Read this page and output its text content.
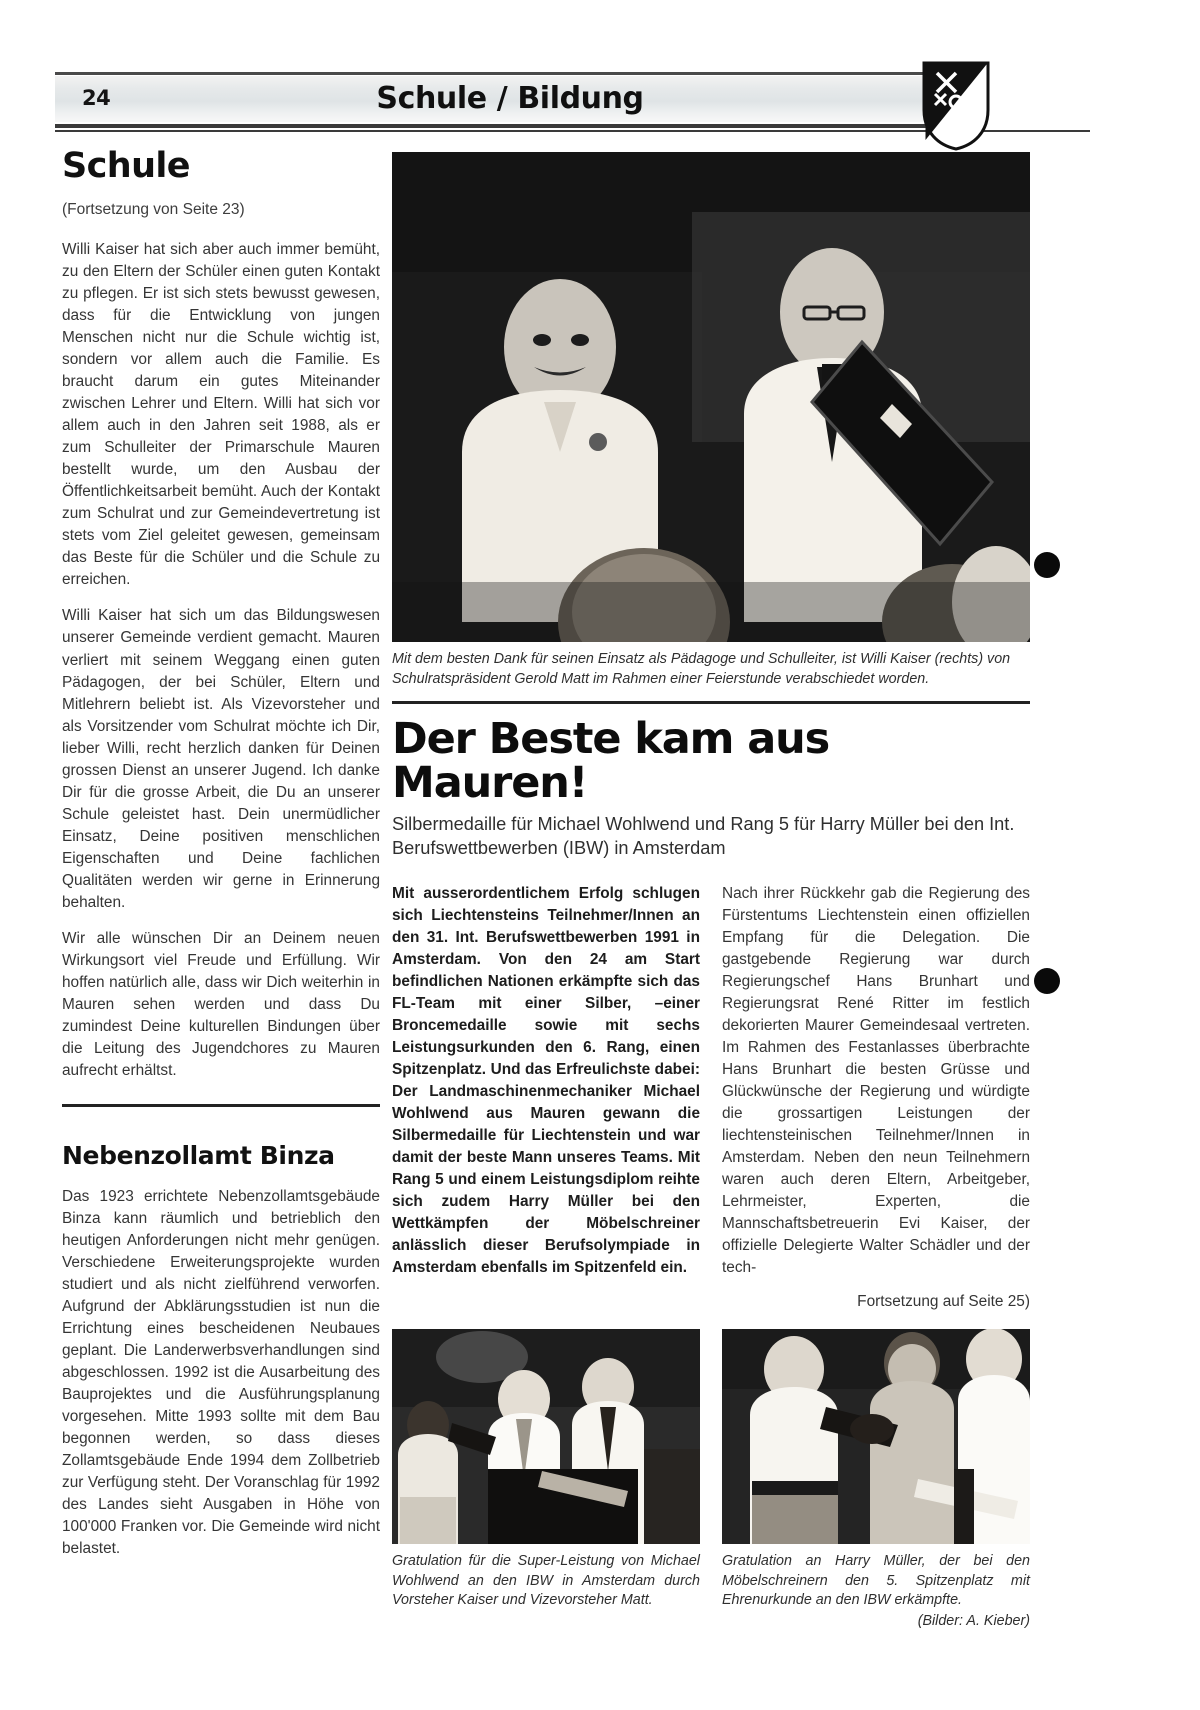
24	Schule / Bildung
Schule
(Fortsetzung von Seite 23)

Willi Kaiser hat sich aber auch immer bemüht, zu den Eltern der Schüler einen guten Kontakt zu pflegen. Er ist sich stets bewusst gewesen, dass für die Entwicklung von jungen Menschen nicht nur die Schule wichtig ist, sondern vor allem auch die Familie. Es braucht darum ein gutes Miteinander zwischen Lehrer und Eltern. Willi hat sich vor allem auch in den Jahren seit 1988, als er zum Schulleiter der Primarschule Mauren bestellt wurde, um den Ausbau der Öffentlichkeitsarbeit bemüht. Auch der Kontakt zum Schulrat und zur Gemeindevertretung ist stets vom Ziel geleitet gewesen, gemeinsam das Beste für die Schüler und die Schule zu erreichen.

Willi Kaiser hat sich um das Bildungswesen unserer Gemeinde verdient gemacht. Mauren verliert mit seinem Weggang einen guten Pädagogen, der bei Schüler, Eltern und Mitlehrern beliebt ist. Als Vizevorsteher und als Vorsitzender vom Schulrat möchte ich Dir, lieber Willi, recht herzlich danken für Deinen grossen Dienst an unserer Jugend. Ich danke Dir für die grosse Arbeit, die Du an unserer Schule geleistet hast. Dein unermüdlicher Einsatz, Deine positiven menschlichen Eigenschaften und Deine fachlichen Qualitäten werden wir gerne in Erinnerung behalten.

Wir alle wünschen Dir an Deinem neuen Wirkungsort viel Freude und Erfüllung. Wir hoffen natürlich alle, dass wir Dich weiterhin in Mauren sehen werden und dass Du zumindest Deine kulturellen Bindungen über die Leitung des Jugendchores zu Mauren aufrecht erhältst.

Nebenzollamt Binza

Das 1923 errichtete Nebenzollamtsgebäude Binza kann räumlich und betrieblich den heutigen Anforderungen nicht mehr genügen. Verschiedene Erweiterungsprojekte wurden studiert und als nicht zielführend verworfen. Aufgrund der Abklärungsstudien ist nun die Errichtung eines bescheidenen Neubaues geplant. Die Landerwerbsverhandlungen sind abgeschlossen. 1992 ist die Ausarbeitung des Bauprojektes und die Ausführungsplanung vorgesehen. Mitte 1993 sollte mit dem Bau begonnen werden, so dass dieses Zollamtsgebäude Ende 1994 dem Zollbetrieb zur Verfügung steht. Der Voranschlag für 1992 des Landes sieht Ausgaben in Höhe von 100'000 Franken vor. Die Gemeinde wird nicht belastet.

Mit dem besten Dank für seinen Einsatz als Pädagoge und Schulleiter, ist Willi Kaiser (rechts) von Schulratspräsident Gerold Matt im Rahmen einer Feierstunde verabschiedet worden.

Der Beste kam aus Mauren!
Silbermedaille für Michael Wohlwend und Rang 5 für Harry Müller bei den Int. Berufswettbewerben (IBW) in Amsterdam

Mit ausserordentlichem Erfolg schlugen sich Liechtensteins Teilnehmer/Innen an den 31. Int. Berufswettbewerben 1991 in Amsterdam. Von den 24 am Start befindlichen Nationen erkämpfte sich das FL-Team mit einer Silber, –einer Broncemedaille sowie mit sechs Leistungsurkunden den 6. Rang, einen Spitzenplatz. Und das Erfreulichste dabei: Der Landmaschinenmechaniker Michael Wohlwend aus Mauren gewann die Silbermedaille für Liechtenstein und war damit der beste Mann unseres Teams. Mit Rang 5 und einem Leistungsdiplom reihte sich zudem Harry Müller bei den Wettkämpfen der Möbelschreiner anlässlich dieser Berufsolympiade in Amsterdam ebenfalls im Spitzenfeld ein.

Nach ihrer Rückkehr gab die Regierung des Fürstentums Liechtenstein einen offiziellen Empfang für die Delegation. Die gastgebende Regierung war durch Regierungschef Hans Brunhart und Regierungsrat René Ritter im festlich dekorierten Maurer Gemeindesaal vertreten. Im Rahmen des Festanlasses überbrachte Hans Brunhart die besten Grüsse und Glückwünsche der Regierung und würdigte die grossartigen Leistungen der liechtensteinischen Teilnehmer/Innen in Amsterdam. Neben den neun Teilnehmern waren auch deren Eltern, Arbeitgeber, Lehrmeister, Experten, die Mannschaftsbetreuerin Evi Kaiser, der offizielle Delegierte Walter Schädler und der tech-

Fortsetzung auf Seite 25)

Gratulation für die Super-Leistung von Michael Wohlwend an den IBW in Amsterdam durch Vorsteher Kaiser und Vizevorsteher Matt.

Gratulation an Harry Müller, der bei den Möbelschreinern den 5. Spitzenplatz mit Ehrenurkunde an den IBW erkämpfte.

(Bilder: A. Kieber)
